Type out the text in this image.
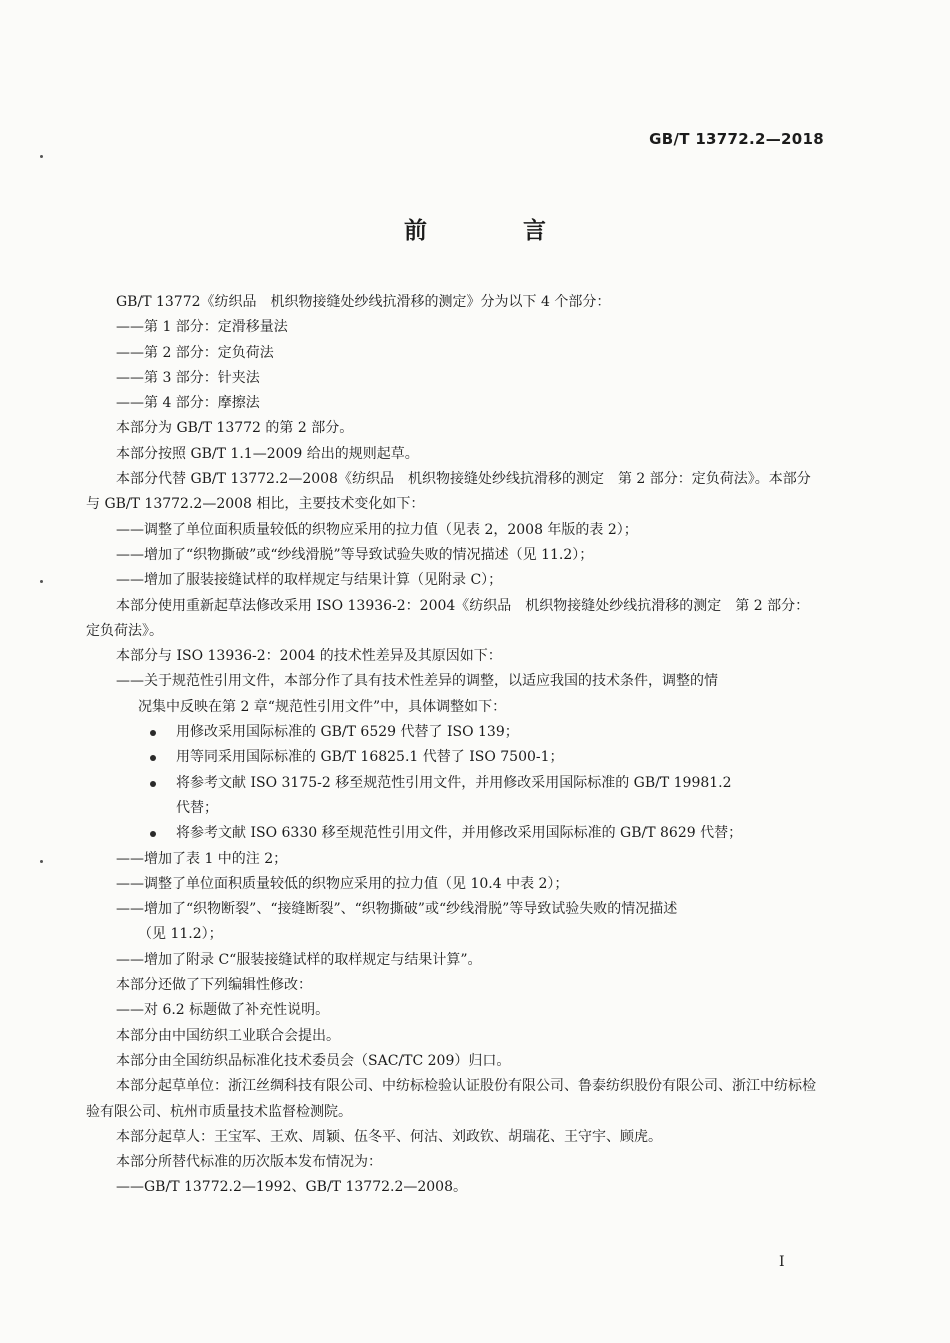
GB/T 13772.2—2018
前 言

GB/T 13772《纺织品　机织物接缝处纱线抗滑移的测定》分为以下 4 个部分：

——第 1 部分：定滑移量法

——第 2 部分：定负荷法

——第 3 部分：针夹法

——第 4 部分：摩擦法

本部分为 GB/T 13772 的第 2 部分。

本部分按照 GB/T 1.1—2009 给出的规则起草。

本部分代替 GB/T 13772.2—2008《纺织品　机织物接缝处纱线抗滑移的测定　第 2 部分：定负荷法》。本部分与 GB/T 13772.2—2008 相比，主要技术变化如下：

——调整了单位面积质量较低的织物应采用的拉力值（见表 2，2008 年版的表 2）；

——增加了“织物撕破”或“纱线滑脱”等导致试验失败的情况描述（见 11.2）；

——增加了服装接缝试样的取样规定与结果计算（见附录 C）；

本部分使用重新起草法修改采用 ISO 13936-2：2004《纺织品　机织物接缝处纱线抗滑移的测定　第 2 部分：定负荷法》。

本部分与 ISO 13936-2：2004 的技术性差异及其原因如下：

——关于规范性引用文件，本部分作了具有技术性差异的调整，以适应我国的技术条件，调整的情

况集中反映在第 2 章“规范性引用文件”中，具体调整如下：

用修改采用国际标准的 GB/T 6529 代替了 ISO 139；

用等同采用国际标准的 GB/T 16825.1 代替了 ISO 7500-1；

将参考文献 ISO 3175-2 移至规范性引用文件，并用修改采用国际标准的 GB/T 19981.2

代替；

将参考文献 ISO 6330 移至规范性引用文件，并用修改采用国际标准的 GB/T 8629 代替；

——增加了表 1 中的注 2；

——调整了单位面积质量较低的织物应采用的拉力值（见 10.4 中表 2）；

——增加了“织物断裂”、“接缝断裂”、“织物撕破”或“纱线滑脱”等导致试验失败的情况描述

（见 11.2）；

——增加了附录 C“服装接缝试样的取样规定与结果计算”。

本部分还做了下列编辑性修改：

——对 6.2 标题做了补充性说明。

本部分由中国纺织工业联合会提出。

本部分由全国纺织品标准化技术委员会（SAC/TC 209）归口。

本部分起草单位：浙江丝绸科技有限公司、中纺标检验认证股份有限公司、鲁泰纺织股份有限公司、浙江中纺标检验有限公司、杭州市质量技术监督检测院。

本部分起草人：王宝军、王欢、周颖、伍冬平、何沽、刘政钦、胡瑞花、王守宇、顾虎。

本部分所替代标准的历次版本发布情况为：

——GB/T 13772.2—1992、GB/T 13772.2—2008。

I
